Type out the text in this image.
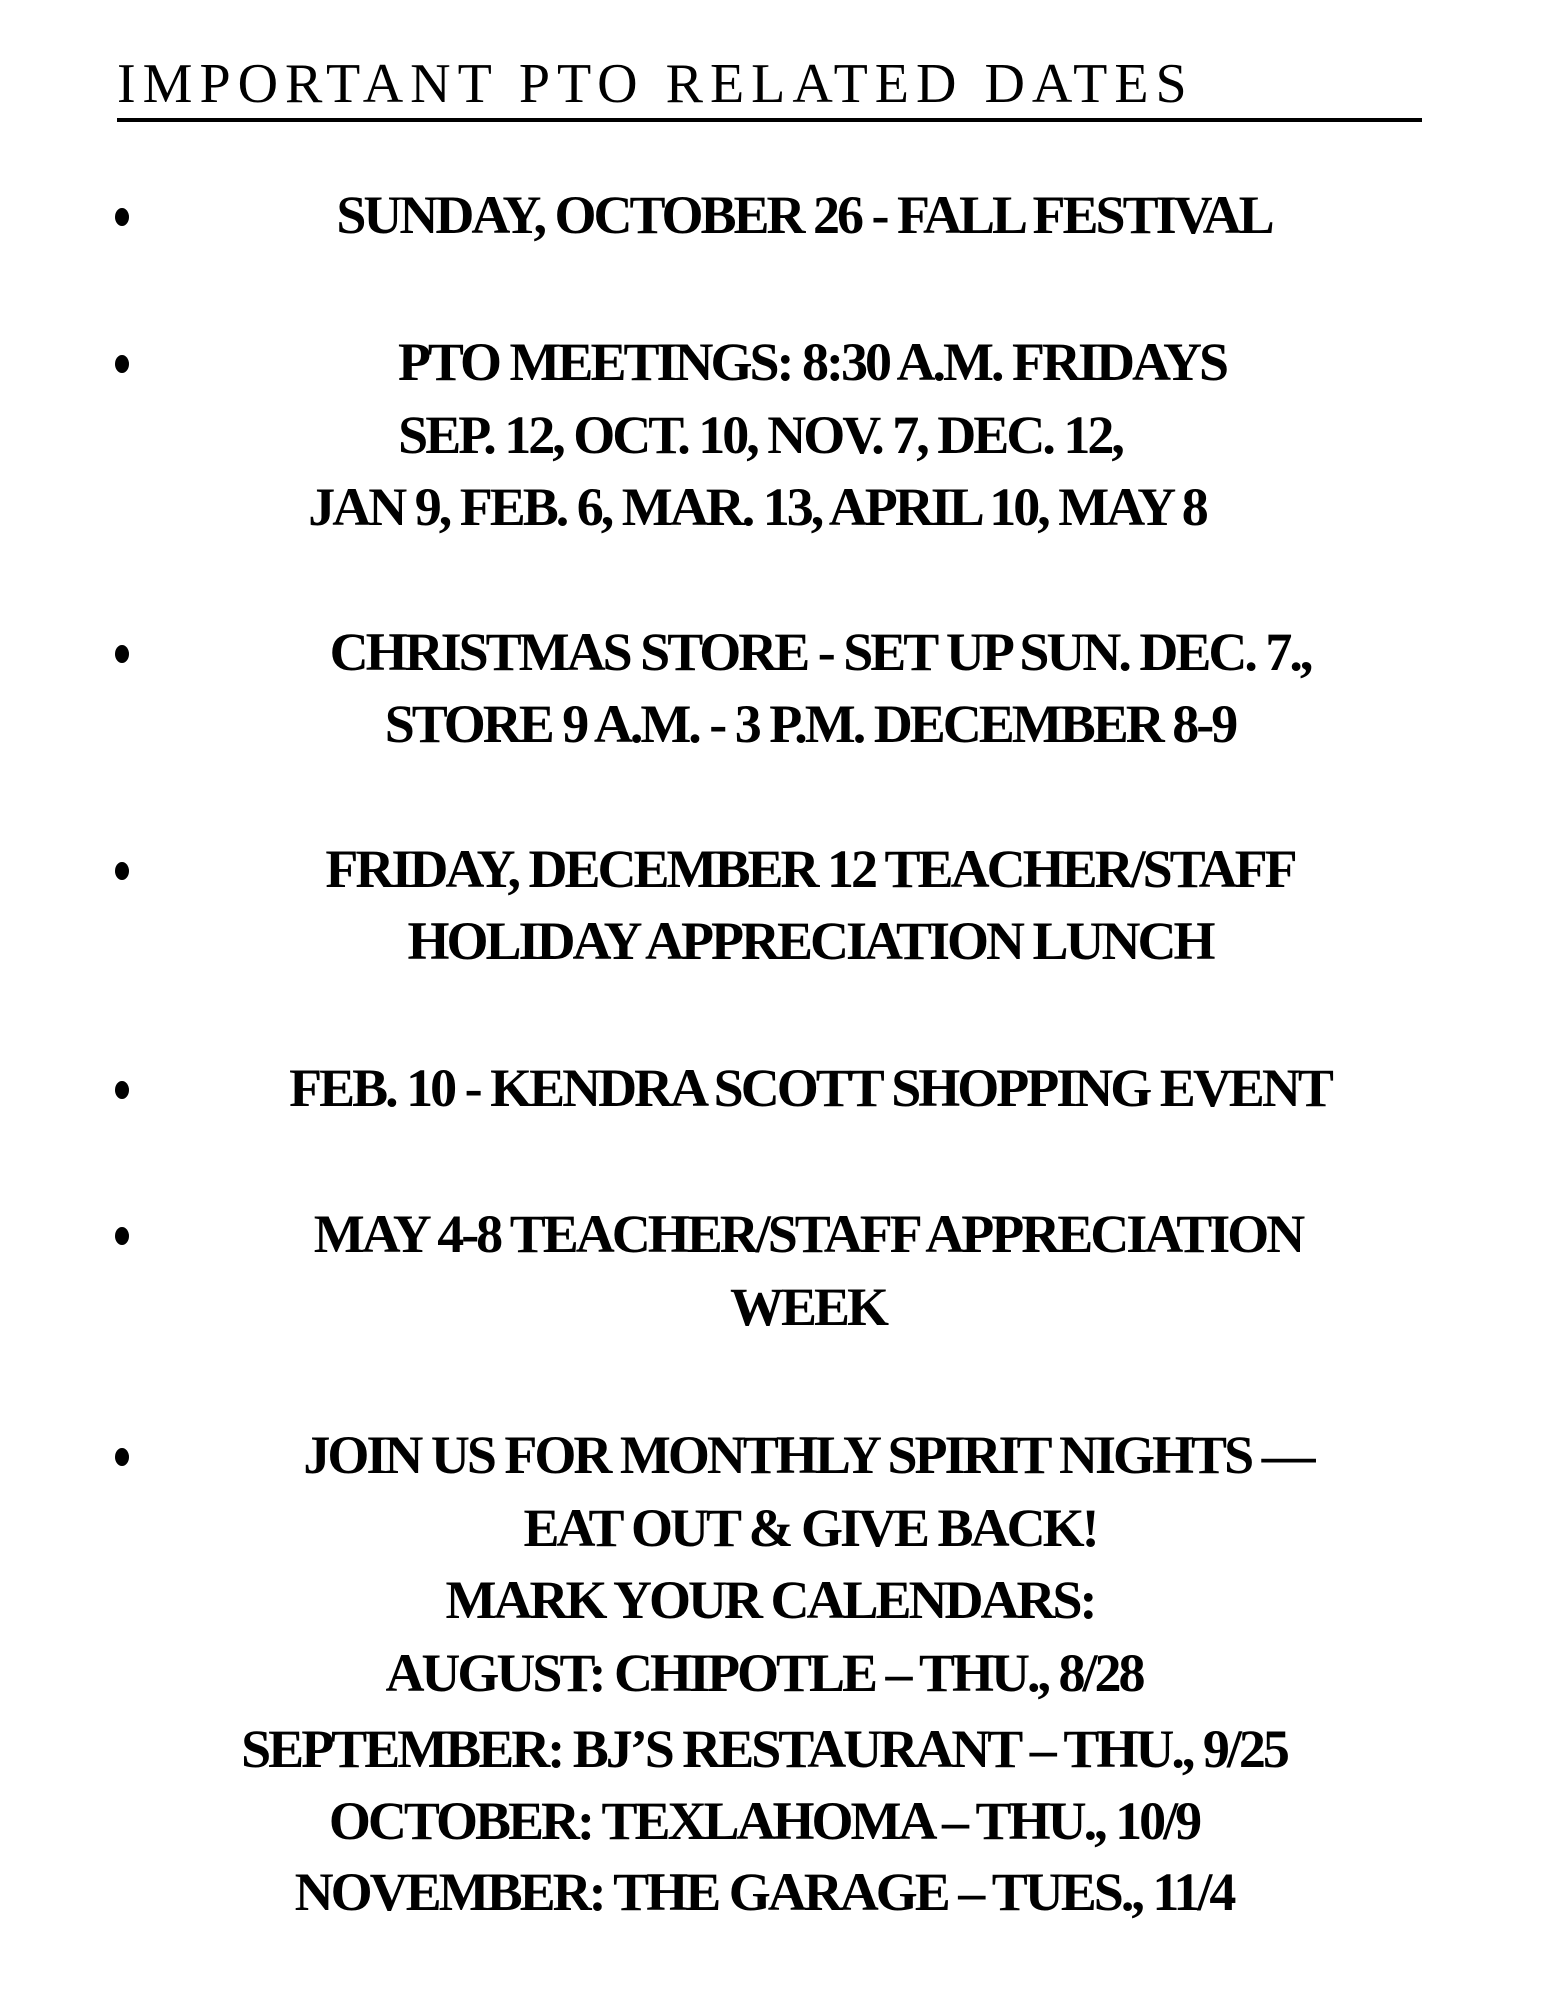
IMPORTANT PTO RELATED DATES
SUNDAY, OCTOBER 26 - FALL FESTIVAL
PTO MEETINGS: 8:30 A.M. FRIDAYS
SEP. 12, OCT. 10, NOV. 7, DEC. 12,
JAN 9, FEB. 6, MAR. 13, APRIL 10, MAY 8
CHRISTMAS STORE - SET UP SUN. DEC. 7.,
STORE 9 A.M. - 3 P.M. DECEMBER 8-9
FRIDAY, DECEMBER 12 TEACHER/STAFF
HOLIDAY APPRECIATION LUNCH
FEB. 10 - KENDRA SCOTT SHOPPING EVENT
MAY 4-8 TEACHER/STAFF APPRECIATION
WEEK
JOIN US FOR MONTHLY SPIRIT NIGHTS —
EAT OUT & GIVE BACK!
MARK YOUR CALENDARS:
AUGUST: CHIPOTLE – THU., 8/28
SEPTEMBER: BJ’S RESTAURANT – THU., 9/25
OCTOBER: TEXLAHOMA – THU., 10/9
NOVEMBER: THE GARAGE – TUES., 11/4
